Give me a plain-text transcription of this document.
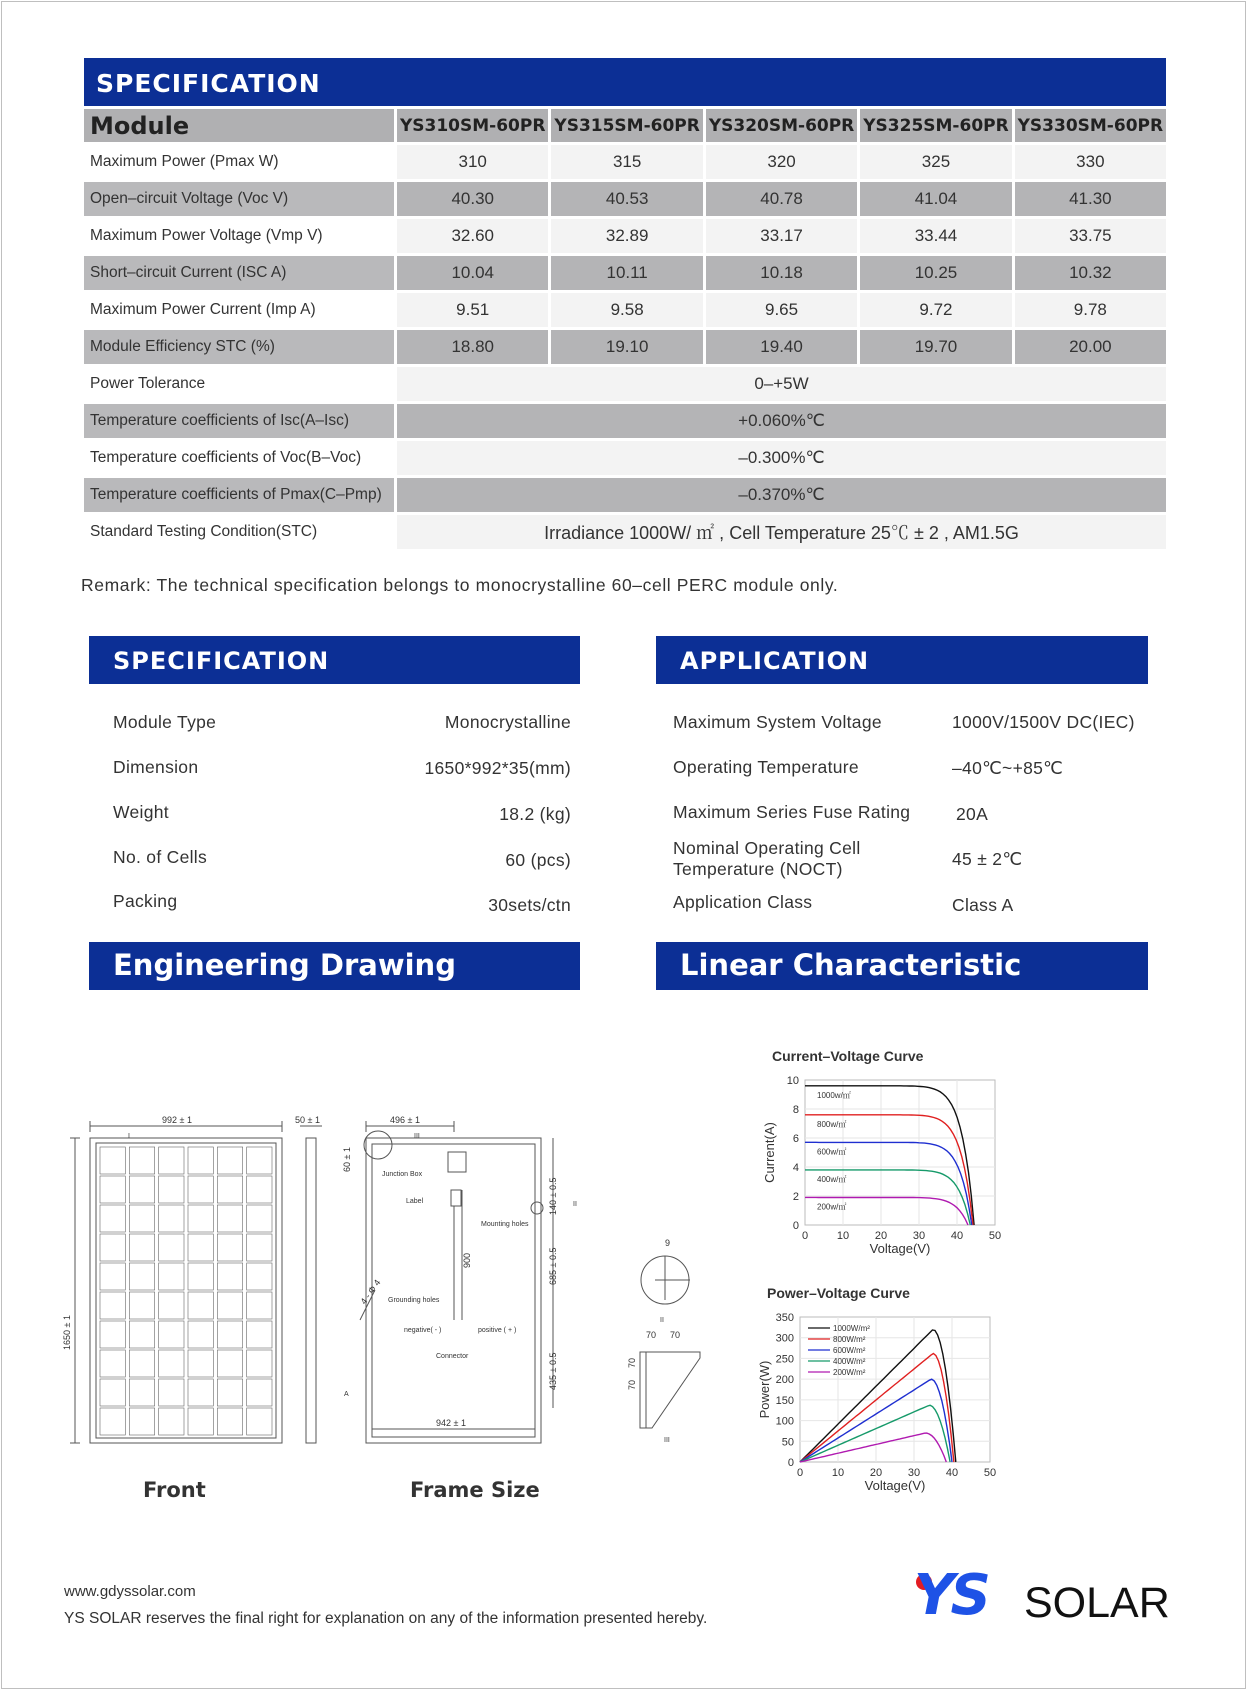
SPECIFICATION
Module	YS310SM-60PR	YS315SM-60PR	YS320SM-60PR	YS325SM-60PR	YS330SM-60PR
Maximum Power (Pmax W)	310	315	320	325	330
Open–circuit Voltage (Voc V)	40.30	40.53	40.78	41.04	41.30
Maximum Power Voltage (Vmp V)	32.60	32.89	33.17	33.44	33.75
Short–circuit Current (ISC A)	10.04	10.11	10.18	10.25	10.32
Maximum Power Current (Imp A)	9.51	9.58	9.65	9.72	9.78
Module Efficiency STC (%)	18.80	19.10	19.40	19.70	20.00
Power Tolerance	0–+5W				
Temperature coefficients of Isc(A–Isc)	+0.060%℃				
Temperature coefficients of Voc(B–Voc)	–0.300%℃				
Temperature coefficients of Pmax(C–Pmp)	–0.370%℃				
Standard Testing Condition(STC)	Irradiance 1000W/ ㎡ , Cell Temperature 25℃ ± 2 , AM1.5G				
Remark: The technical specification belongs to monocrystalline 60–cell PERC module only.
SPECIFICATION	APPLICATION
Module Type	Monocrystalline
Dimension	1650*992*35(mm)
Weight	18.2 (kg)
No. of Cells	60 (pcs)
Packing	30sets/ctn
Maximum System Voltage	1000V/1500V DC(IEC)
Operating Temperature	–40℃~+85℃
Maximum Series Fuse Rating	20A
Nominal Operating Cell
Temperature (NOCT)	45 ± 2℃
Application Class	Class A
Engineering Drawing	Linear Characteristic
992 ± 1
1650 ± 1
50 ± 1	496 ± 1
60 ± 1
140 ± 0.5
685 ± 0.5
435 ± 0.5
900
942 ± 1
4 - Φ 4
9
70 70
70
70
Junction Box
Label
Mounting holes
Grounding holes
negative( - )	positive ( + )
Connector
I
II
III
A
II
III
Front	Frame Size
Current–Voltage Curve
0	10 20 30 40 50
0
2
4
6
8
10
Voltage(V)
Current(A)
1000w/㎡
800w/㎡
600w/㎡
400w/㎡
200w/㎡
Power–Voltage Curve
0	10 20 30 40 50
0
50
100
150
200
250
300
350
Voltage(V)
Power(W)
1000W/m²
800W/m²
600W/m²
400W/m²
200W/m²
www.gdyssolar.com
YS SOLAR reserves the final right for explanation on any of the information presented hereby.	YS SOLAR
